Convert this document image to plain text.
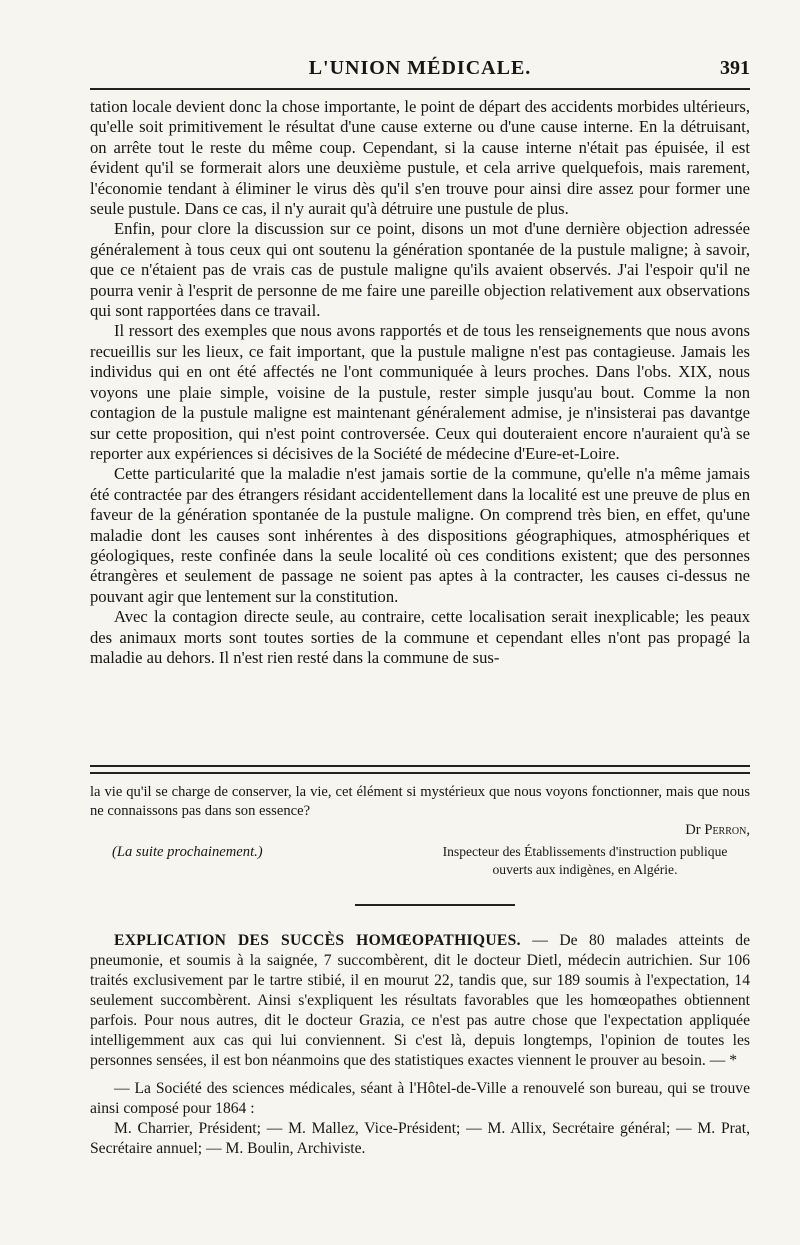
L'UNION MÉDICALE.	391

tation locale devient donc la chose importante, le point de départ des accidents morbides ultérieurs, qu'elle soit primitivement le résultat d'une cause externe ou d'une cause interne. En la détruisant, on arrête tout le reste du même coup. Cependant, si la cause interne n'était pas épuisée, il est évident qu'il se formerait alors une deuxième pustule, et cela arrive quelquefois, mais rarement, l'économie tendant à éliminer le virus dès qu'il s'en trouve pour ainsi dire assez pour former une seule pustule. Dans ce cas, il n'y aurait qu'à détruire une pustule de plus.

Enfin, pour clore la discussion sur ce point, disons un mot d'une dernière objection adressée généralement à tous ceux qui ont soutenu la génération spontanée de la pustule maligne; à savoir, que ce n'étaient pas de vrais cas de pustule maligne qu'ils avaient observés. J'ai l'espoir qu'il ne pourra venir à l'esprit de personne de me faire une pareille objection relativement aux observations qui sont rapportées dans ce travail.

Il ressort des exemples que nous avons rapportés et de tous les renseignements que nous avons recueillis sur les lieux, ce fait important, que la pustule maligne n'est pas contagieuse. Jamais les individus qui en ont été affectés ne l'ont communiquée à leurs proches. Dans l'obs. XIX, nous voyons une plaie simple, voisine de la pustule, rester simple jusqu'au bout. Comme la non contagion de la pustule maligne est maintenant généralement admise, je n'insisterai pas davantge sur cette proposition, qui n'est point controversée. Ceux qui douteraient encore n'auraient qu'à se reporter aux expériences si décisives de la Société de médecine d'Eure-et-Loire.

Cette particularité que la maladie n'est jamais sortie de la commune, qu'elle n'a même jamais été contractée par des étrangers résidant accidentellement dans la localité est une preuve de plus en faveur de la génération spontanée de la pustule maligne. On comprend très bien, en effet, qu'une maladie dont les causes sont inhérentes à des dispositions géographiques, atmosphériques et géologiques, reste confinée dans la seule localité où ces conditions existent; que des personnes étrangères et seulement de passage ne soient pas aptes à la contracter, les causes ci-dessus ne pouvant agir que lentement sur la constitution.

Avec la contagion directe seule, au contraire, cette localisation serait inexplicable; les peaux des animaux morts sont toutes sorties de la commune et cependant elles n'ont pas propagé la maladie au dehors. Il n'est rien resté dans la commune de sus-

la vie qu'il se charge de conserver, la vie, cet élément si mystérieux que nous voyons fonctionner, mais que nous ne connaissons pas dans son essence?

Dr Perron,

(La suite prochainement.)	Inspecteur des Établissements d'instruction publique
ouverts aux indigènes, en Algérie.

EXPLICATION DES SUCCÈS HOMŒOPATHIQUES. — De 80 malades atteints de pneumonie, et soumis à la saignée, 7 succombèrent, dit le docteur Dietl, médecin autrichien. Sur 106 traités exclusivement par le tartre stibié, il en mourut 22, tandis que, sur 189 soumis à l'expectation, 14 seulement succombèrent. Ainsi s'expliquent les résultats favorables que les homœopathes obtiennent parfois. Pour nous autres, dit le docteur Grazia, ce n'est pas autre chose que l'expectation appliquée intelligemment aux cas qui lui conviennent. Si c'est là, depuis longtemps, l'opinion de toutes les personnes sensées, il est bon néanmoins que des statistiques exactes viennent le prouver au besoin. — *

— La Société des sciences médicales, séant à l'Hôtel-de-Ville a renouvelé son bureau, qui se trouve ainsi composé pour 1864 :

M. Charrier, Président; — M. Mallez, Vice-Président; — M. Allix, Secrétaire général; — M. Prat, Secrétaire annuel; — M. Boulin, Archiviste.
